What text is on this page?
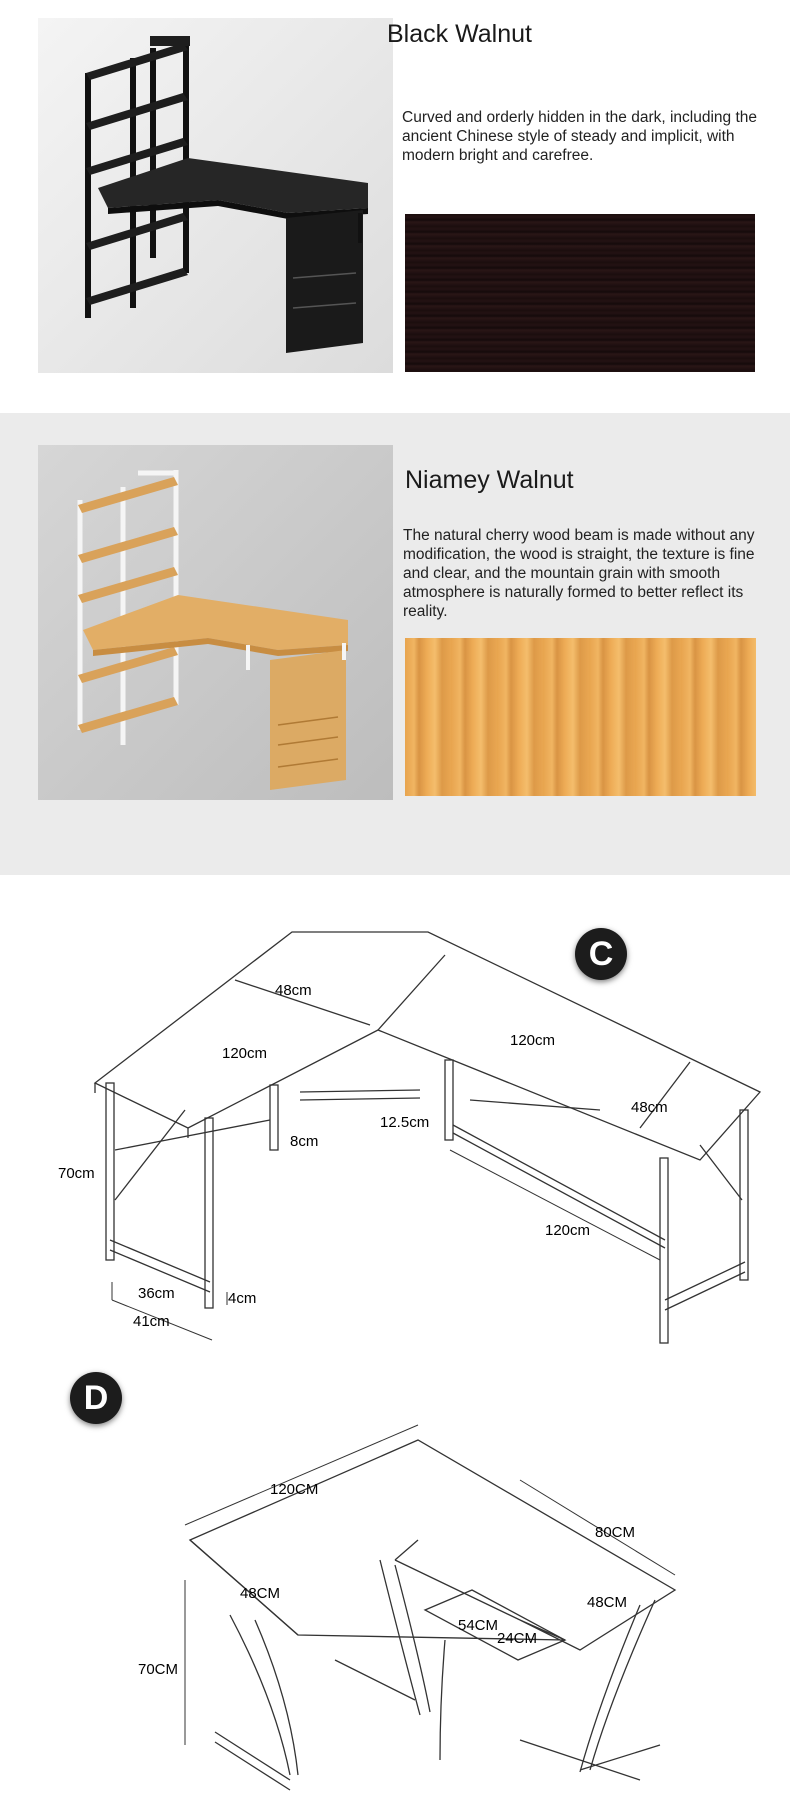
Black Walnut
Curved and orderly hidden in the dark, including the ancient Chinese style of steady and implicit, with modern bright and carefree.
Niamey Walnut
The natural cherry wood beam is made without any modification, the wood is straight, the texture is fine and clear, and the mountain grain with smooth atmosphere is naturally formed to better reflect its reality.
48cm
120cm
120cm
48cm
70cm
12.5cm
8cm
120cm
36cm
41cm
4cm
C
D
120CM
80CM
48CM
48CM
70CM
54CM
24CM
